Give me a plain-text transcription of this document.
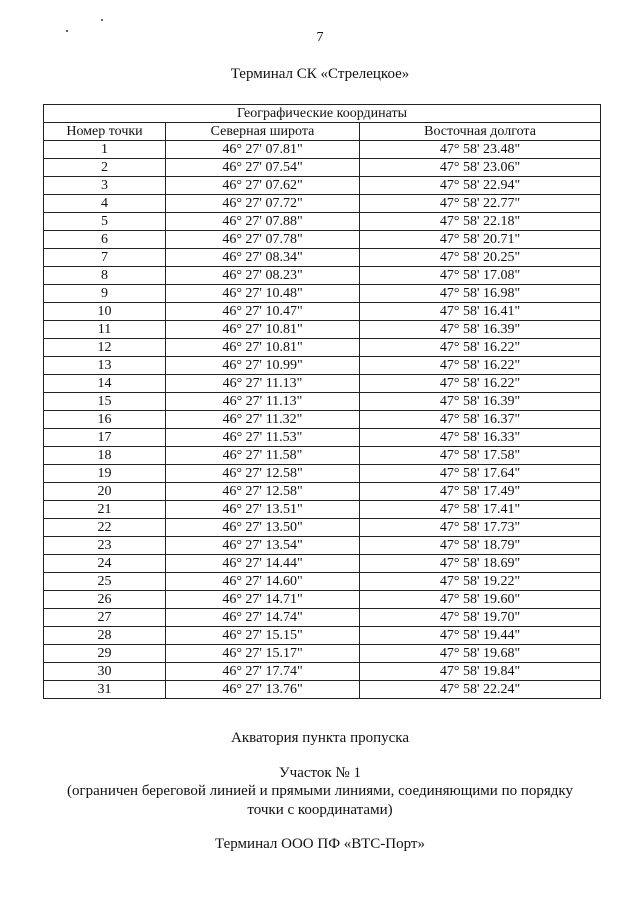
7
Терминал СК «Стрелецкое»
Географические координаты		
Номер точки	Северная широта	Восточная долгота
1	46° 27' 07.81"	47° 58' 23.48"
2	46° 27' 07.54"	47° 58' 23.06"
3	46° 27' 07.62"	47° 58' 22.94"
4	46° 27' 07.72"	47° 58' 22.77"
5	46° 27' 07.88"	47° 58' 22.18"
6	46° 27' 07.78"	47° 58' 20.71"
7	46° 27' 08.34"	47° 58' 20.25"
8	46° 27' 08.23"	47° 58' 17.08"
9	46° 27' 10.48"	47° 58' 16.98"
10	46° 27' 10.47"	47° 58' 16.41"
11	46° 27' 10.81"	47° 58' 16.39"
12	46° 27' 10.81"	47° 58' 16.22"
13	46° 27' 10.99"	47° 58' 16.22"
14	46° 27' 11.13"	47° 58' 16.22"
15	46° 27' 11.13"	47° 58' 16.39"
16	46° 27' 11.32"	47° 58' 16.37"
17	46° 27' 11.53"	47° 58' 16.33"
18	46° 27' 11.58"	47° 58' 17.58"
19	46° 27' 12.58"	47° 58' 17.64"
20	46° 27' 12.58"	47° 58' 17.49"
21	46° 27' 13.51"	47° 58' 17.41"
22	46° 27' 13.50"	47° 58' 17.73"
23	46° 27' 13.54"	47° 58' 18.79"
24	46° 27' 14.44"	47° 58' 18.69"
25	46° 27' 14.60"	47° 58' 19.22"
26	46° 27' 14.71"	47° 58' 19.60"
27	46° 27' 14.74"	47° 58' 19.70"
28	46° 27' 15.15"	47° 58' 19.44"
29	46° 27' 15.17"	47° 58' 19.68"
30	46° 27' 17.74"	47° 58' 19.84"
31	46° 27' 13.76"	47° 58' 22.24"
Акватория пункта пропуска
Участок № 1
(ограничен береговой линией и прямыми линиями, соединяющими по порядку
точки с координатами)
Терминал ООО ПФ «ВТС-Порт»
